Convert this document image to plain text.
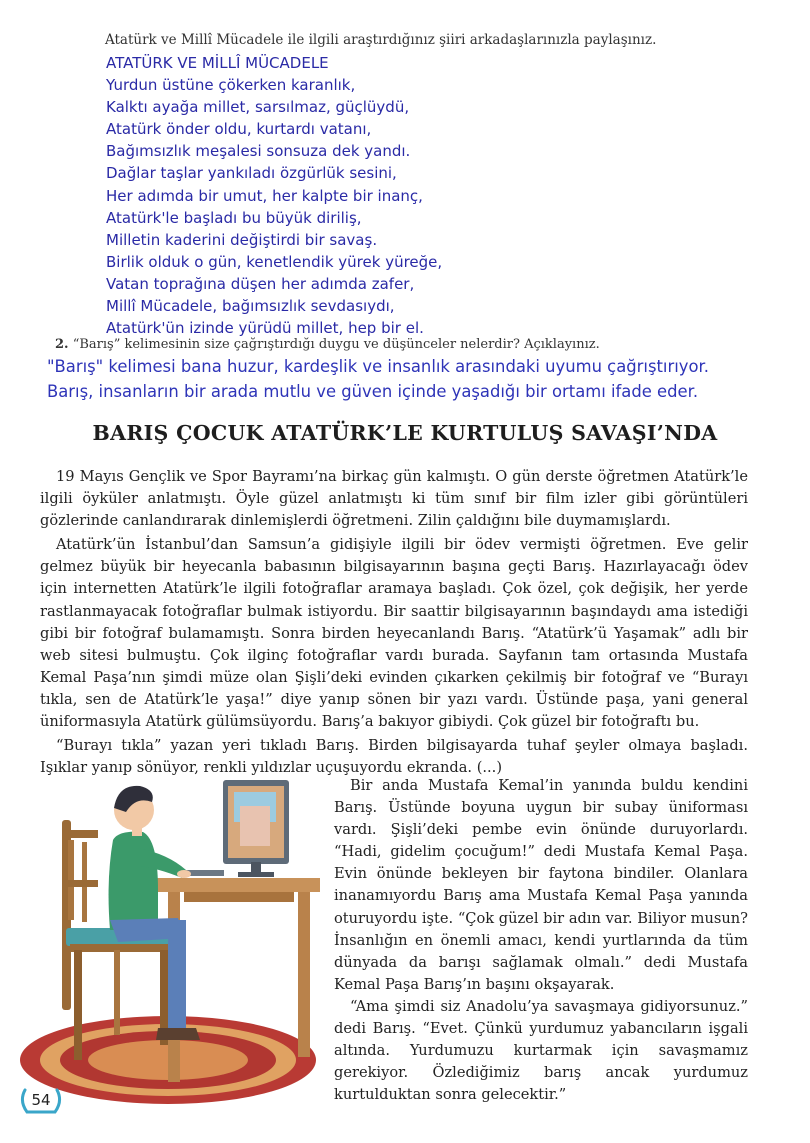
Atatürk ve Millî Mücadele ile ilgili araştırdığınız şiiri arkadaşlarınızla paylaşınız.
ATATÜRK VE MİLLÎ MÜCADELE
Yurdun üstüne çökerken karanlık,
Kalktı ayağa millet, sarsılmaz, güçlüydü,
Atatürk önder oldu, kurtardı vatanı,
Bağımsızlık meşalesi sonsuza dek yandı.
Dağlar taşlar yankıladı özgürlük sesini,
Her adımda bir umut, her kalpte bir inanç,
Atatürk'le başladı bu büyük diriliş,
Milletin kaderini değiştirdi bir savaş.
Birlik olduk o gün, kenetlendik yürek yüreğe,
Vatan toprağına düşen her adımda zafer,
Millî Mücadele, bağımsızlık sevdasıydı,
Atatürk'ün izinde yürüdü millet, hep bir el.
2. “Barış” kelimesinin size çağrıştırdığı duygu ve düşünceler nelerdir? Açıklayınız.
"Barış" kelimesi bana huzur, kardeşlik ve insanlık arasındaki uyumu çağrıştırıyor.
Barış, insanların bir arada mutlu ve güven içinde yaşadığı bir ortamı ifade eder.
BARIŞ ÇOCUK ATATÜRK’LE KURTULUŞ SAVAŞI’NDA

19 Mayıs Gençlik ve Spor Bayramı’na birkaç gün kalmıştı. O gün derste öğretmen Atatürk’le ilgili öyküler anlatmıştı. Öyle güzel anlatmıştı ki tüm sınıf bir film izler gibi görüntüleri gözlerinde canlandırarak dinlemişlerdi öğretmeni. Zilin çaldığını bile duymamışlardı.

Atatürk’ün İstanbul’dan Samsun’a gidişiyle ilgili bir ödev vermişti öğretmen. Eve gelir gelmez büyük bir heyecanla babasının bilgisayarının başına geçti Barış. Hazırlayacağı ödev için internetten Atatürk’le ilgili fotoğraflar aramaya başladı. Çok özel, çok değişik, her yerde rastlanmayacak fotoğraflar bulmak istiyordu. Bir saattir bilgisayarının başındaydı ama istediği gibi bir fotoğraf bulamamıştı. Sonra birden heyecanlandı Barış. “Atatürk’ü Yaşamak” adlı bir web sitesi bulmuştu. Çok ilginç fotoğraflar vardı burada. Sayfanın tam ortasında Mustafa Kemal Paşa’nın şimdi müze olan Şişli’deki evinden çıkarken çekilmiş bir fotoğraf ve “Burayı tıkla, sen de Atatürk’le yaşa!” diye yanıp sönen bir yazı vardı. Üstünde paşa, yani general üniformasıyla Atatürk gülümsüyordu. Barış’a bakıyor gibiydi. Çok güzel bir fotoğraftı bu.

“Burayı tıkla” yazan yeri tıkladı Barış. Birden bilgisayarda tuhaf şeyler olmaya başladı. Işıklar yanıp sönüyor, renkli yıldızlar uçuşuyordu ekranda. (...)

Bir anda Mustafa Kemal’in yanında buldu kendini Barış. Üstünde boyuna uygun bir subay üniforması vardı. Şişli’deki pembe evin önünde duruyorlardı. “Hadi, gidelim çocuğum!” dedi Mustafa Kemal Paşa. Evin önünde bekleyen bir faytona bindiler. Olanlara inanamıyordu Barış ama Mustafa Kemal Paşa yanında oturuyordu işte. “Çok güzel bir adın var. Biliyor musun? İnsanlığın en önemli amacı, kendi yurtlarında da tüm dünyada da barışı sağlamak olmalı.” dedi Mustafa Kemal Paşa Barış’ın başını okşayarak.

“Ama şimdi siz Anadolu’ya savaşmaya gidiyorsunuz.” dedi Barış. “Evet. Çünkü yurdumuz yabancıların işgali altında. Yurdumuzu kurtarmak için savaşmamız gerekiyor. Özlediğimiz barış ancak yurdumuz kurtulduktan sonra gelecektir.”

54
